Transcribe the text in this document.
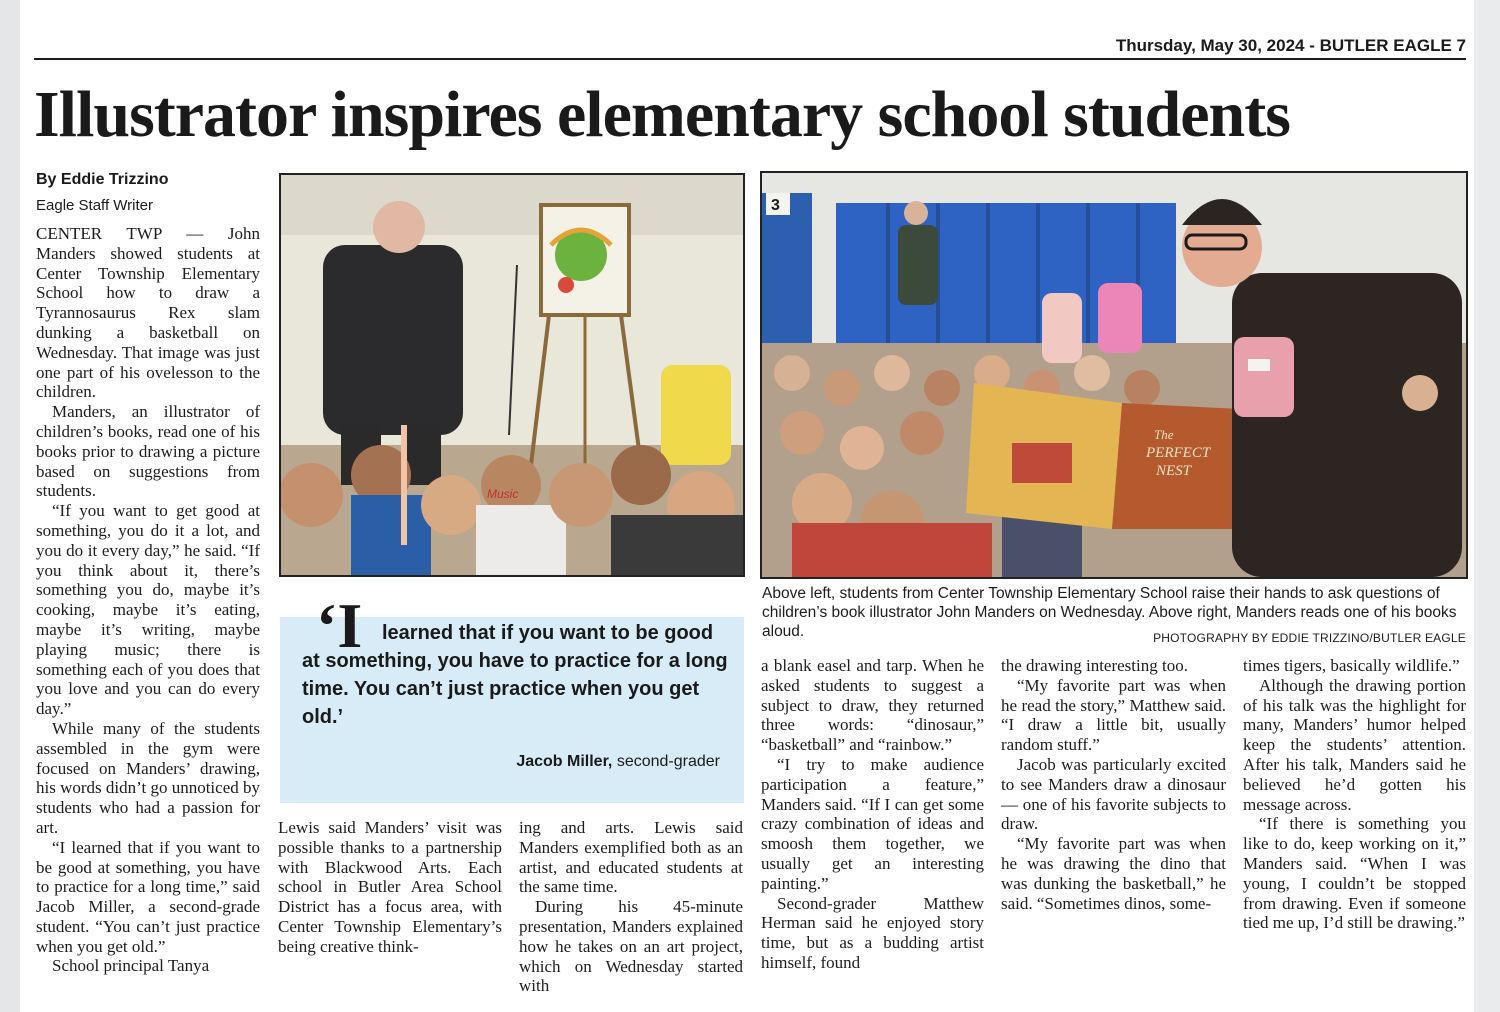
Thursday, May 30, 2024 - BUTLER EAGLE 7
Illustrator inspires elementary school students
By Eddie Trizzino
Eagle Staff Writer

CENTER TWP — John Manders showed students at Center Township Elementary School how to draw a Tyrannosaurus Rex slam dunking a basketball on Wednesday. That image was just one part of his ovelesson to the children.

Manders, an illustrator of children’s books, read one of his books prior to drawing a picture based on suggestions from students.

“If you want to get good at something, you do it a lot, and you do it every day,” he said. “If you think about it, there’s something you do, maybe it’s cooking, maybe it’s eating, maybe it’s writing, maybe playing music; there is something each of you does that you love and you can do every day.”

While many of the students assembled in the gym were focused on Manders’ drawing, his words didn’t go unnoticed by students who had a passion for art.

“I learned that if you want to be good at something, you have to practice for a long time,” said Jacob Miller, a second-grade student. “You can’t just practice when you get old.”

School principal Tanya

Music
3
The
PERFECT
NEST
Above left, students from Center Township Elementary School raise their hands to ask questions of children’s book illustrator John Manders on Wednesday. Above right, Manders reads one of his books aloud.	PHOTOGRAPHY BY EDDIE TRIZZINO/BUTLER EAGLE
‘I learned that if you want to be good at something, you have to practice for a long time. You can’t just practice when you get old.’
Jacob Miller, second-grader

Lewis said Manders’ visit was possible thanks to a partnership with Blackwood Arts. Each school in Butler Area School District has a focus area, with Center Township Elementary’s being creative think-

ing and arts. Lewis said Manders exemplified both as an artist, and educated students at the same time.

During his 45-minute presentation, Manders explained how he takes on an art project, which on Wednesday started with

a blank easel and tarp. When he asked students to suggest a subject to draw, they returned three words: “dinosaur,” “basketball” and “rainbow.”

“I try to make audience participation a feature,” Manders said. “If I can get some crazy combination of ideas and smoosh them together, we usually get an interesting painting.”

Second-grader Matthew Herman said he enjoyed story time, but as a budding artist himself, found

the drawing interesting too.

“My favorite part was when he read the story,” Matthew said. “I draw a little bit, usually random stuff.”

Jacob was particularly excited to see Manders draw a dinosaur — one of his favorite subjects to draw.

“My favorite part was when he was drawing the dino that was dunking the basketball,” he said. “Sometimes dinos, some-

times tigers, basically wildlife.”

Although the drawing portion of his talk was the highlight for many, Manders’ humor helped keep the students’ attention. After his talk, Manders said he believed he’d gotten his message across.

“If there is something you like to do, keep working on it,” Manders said. “When I was young, I couldn’t be stopped from drawing. Even if someone tied me up, I’d still be drawing.”
